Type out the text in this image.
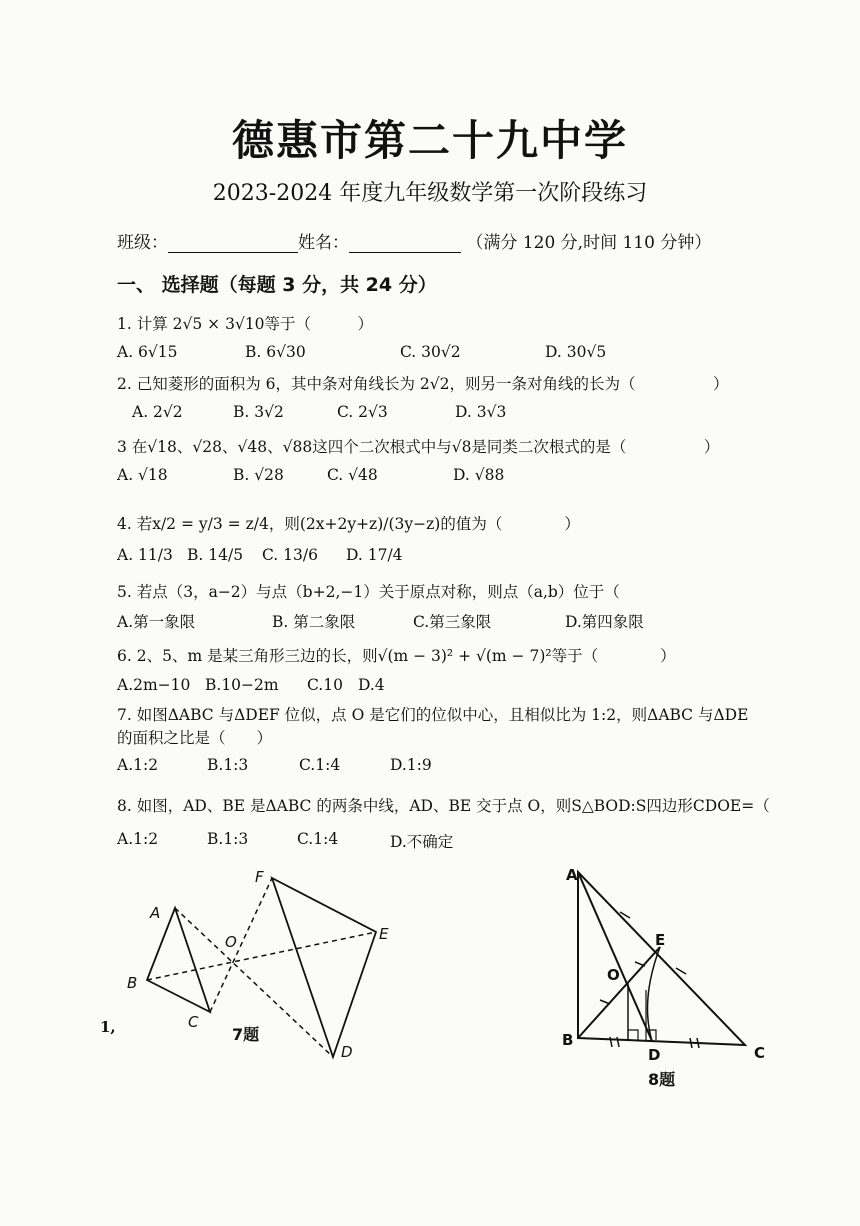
德惠市第二十九中学
2023-2024 年度九年级数学第一次阶段练习
班级：	姓名：	（满分 120 分,时间 110 分钟）
一、 选择题（每题 3 分，共 24 分）
1. 计算 2√5 × 3√10等于（　　　）
A. 6√15	B. 6√30	C. 30√2	D. 30√5
2. 己知菱形的面积为 6，其中条对角线长为 2√2，则另一条对角线的长为（　　　　　）
A. 2√2	B. 3√2	C. 2√3	D. 3√3
3 在√18、√28、√48、√88这四个二次根式中与√8是同类二次根式的是（　　　　　）
A. √18	B. √28	C. √48	D. √88
4. 若x/2 = y/3 = z/4，则(2x+2y+z)/(3y−z)的值为（　　　　）
A. 11/3 B. 14/5 C. 13/6 D. 17/4
5. 若点（3，a−2）与点（b+2,−1）关于原点对称，则点（a,b）位于（
A.第一象限	B. 第二象限	C.第三象限	D.第四象限
6. 2、5、m 是某三角形三边的长，则√(m − 3)² + √(m − 7)²等于（　　　　）
A.2m−10 B.10−2m C.10 D.4
7. 如图ΔABC 与ΔDEF 位似，点 O 是它们的位似中心，且相似比为 1:2，则ΔABC 与ΔDE
的面积之比是（　　）
A.1:2	B.1:3	C.1:4	D.1:9
8. 如图，AD、BE 是ΔABC 的两条中线，AD、BE 交于点 O，则S△BOD:S四边形CDOE=（
A.1:2	B.1:3	C.1:4	D.不确定
1,
A
B
C
O
F
E
D
7题
A
E
O
B
D	C
8题
